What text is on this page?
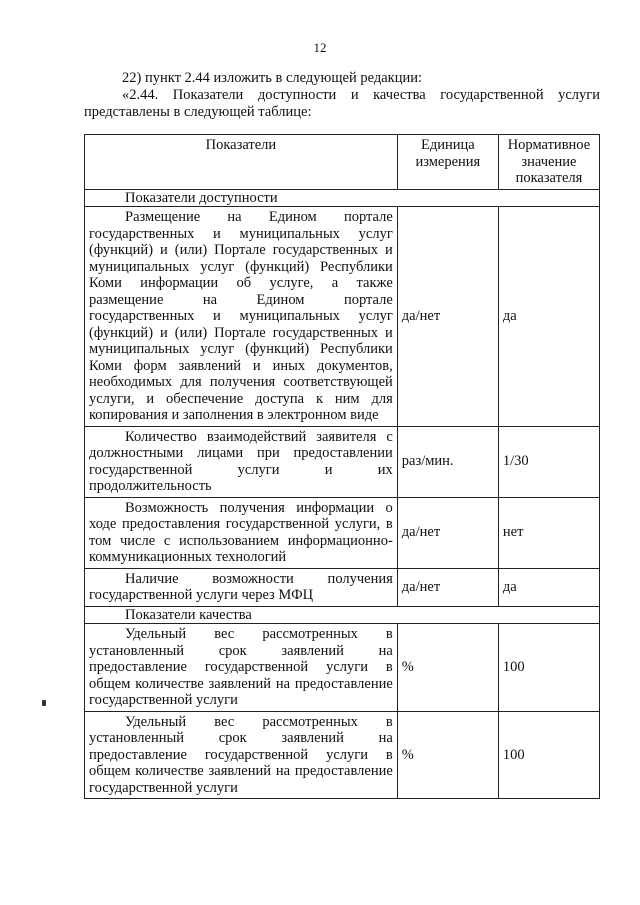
12
22) пункт 2.44 изложить в следующей редакции:
«2.44. Показатели доступности и качества государственной услуги представлены в следующей таблице:
Показатели	Единица измерения	Нормативное значение показателя
Показатели доступности		
Размещение на Едином портале государственных и муниципальных услуг (функций) и (или) Портале государственных и муниципальных услуг (функций) Республики Коми информации об услуге, а также размещение на Едином портале государственных и муниципальных услуг (функций) и (или) Портале государственных и муниципальных услуг (функций) Республики Коми форм заявлений и иных документов, необходимых для получения соответствующей услуги, и обеспечение доступа к ним для копирования и заполнения в электронном виде	да/нет	да
Количество взаимодействий заявителя с должностными лицами при предоставлении государственной услуги и их продолжительность	раз/мин.	1/30
Возможность получения информации о ходе предоставления государственной услуги, в том числе с использованием информационно-коммуникационных технологий	да/нет	нет
Наличие возможности получения государственной услуги через МФЦ	да/нет	да
Показатели качества		
Удельный вес рассмотренных в установленный срок заявлений на предоставление государственной услуги в общем количестве заявлений на предоставление государственной услуги	%	100
Удельный вес рассмотренных в установленный срок заявлений на предоставление государственной услуги в общем количестве заявлений на предоставление государственной услуги	%	100
